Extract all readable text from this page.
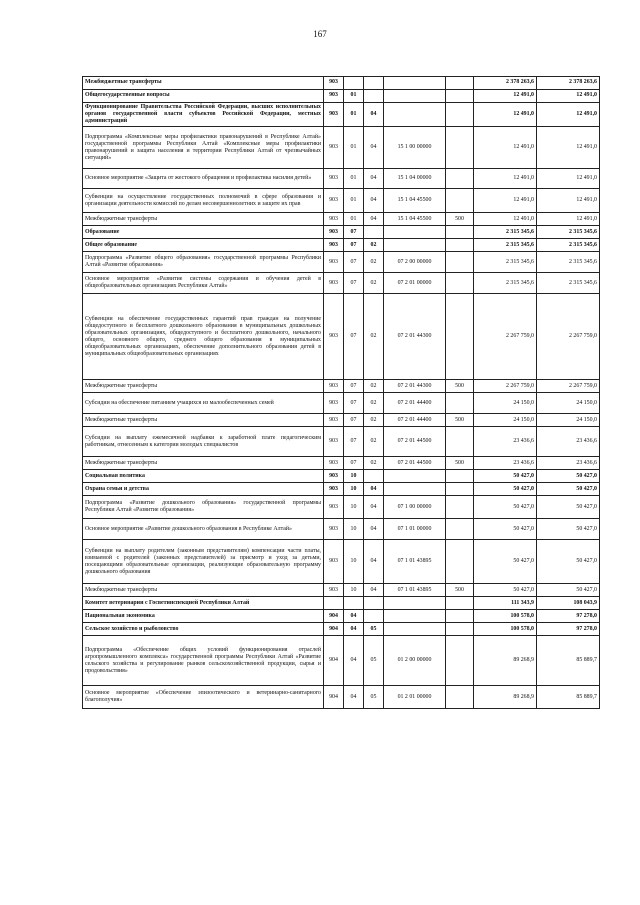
167
Межбюджетные трансферты	903					2 378 263,6	2 378 263,6
Общегосударственные вопросы	903	01				12 491,0	12 491,0
Функционирование Правительства Российской Федерации, высших исполнительных органов государственной власти субъектов Российской Федерации, местных администраций	903	01	04			12 491,0	12 491,0
Подпрограмма «Комплексные меры профилактики правонарушений в Республике Алтай» государственной программы Республики Алтай «Комплексные меры профилактики правонарушений и защита населения и территории Республики Алтай от чрезвычайных ситуаций»	903	01	04	15 1 00 00000		12 491,0	12 491,0
Основное мероприятие «Защита от жестокого обращения и профилактика насилия детей»	903	01	04	15 1 04 00000		12 491,0	12 491,0
Субвенции на осуществление государственных полномочий в сфере образования и организации деятельности комиссий по делам несовершеннолетних и защите их прав	903	01	04	15 1 04 45500		12 491,0	12 491,0
Межбюджетные трансферты	903	01	04	15 1 04 45500	500	12 491,0	12 491,0
Образование	903	07				2 315 345,6	2 315 345,6
Общее образование	903	07	02			2 315 345,6	2 315 345,6
Подпрограмма «Развитие общего образования» государственной программы Республики Алтай «Развитие образования»	903	07	02	07 2 00 00000		2 315 345,6	2 315 345,6
Основное мероприятие «Развитие системы содержания и обучения детей в общеобразовательных организациях Республики Алтай»	903	07	02	07 2 01 00000		2 315 345,6	2 315 345,6
Субвенции на обеспечение государственных гарантий прав граждан на получение общедоступного и бесплатного дошкольного образования в муниципальных дошкольных образовательных организациях, общедоступного и бесплатного дошкольного, начального общего, основного общего, среднего общего образования в муниципальных общеобразовательных организациях, обеспечение дополнительного образования детей в муниципальных общеобразовательных организациях	903	07	02	07 2 01 44300		2 267 759,0	2 267 759,0
Межбюджетные трансферты	903	07	02	07 2 01 44300	500	2 267 759,0	2 267 759,0
Субсидии на обеспечение питанием учащихся из малообеспеченных семей	903	07	02	07 2 01 44400		24 150,0	24 150,0
Межбюджетные трансферты	903	07	02	07 2 01 44400	500	24 150,0	24 150,0
Субсидии на выплату ежемесячной надбавки к заработной плате педагогическим работникам, отнесенным к категории молодых специалистов	903	07	02	07 2 01 44500		23 436,6	23 436,6
Межбюджетные трансферты	903	07	02	07 2 01 44500	500	23 436,6	23 436,6
Социальная политика	903	10				50 427,0	50 427,0
Охрана семьи и детства	903	10	04			50 427,0	50 427,0
Подпрограмма «Развитие дошкольного образования» государственной программы Республики Алтай «Развитие образования»	903	10	04	07 1 00 00000		50 427,0	50 427,0
Основное мероприятие «Развитие дошкольного образования в Республике Алтай»	903	10	04	07 1 01 00000		50 427,0	50 427,0
Субвенции на выплату родителям (законным представителям) компенсации части платы, взимаемой с родителей (законных представителей) за присмотр и уход за детьми, посещающими образовательные организации, реализующие образовательную программу дошкольного образования	903	10	04	07 1 01 43895		50 427,0	50 427,0
Межбюджетные трансферты	903	10	04	07 1 01 43895	500	50 427,0	50 427,0
Комитет ветеринарии с Госветинспекцией Республики Алтай						111 343,9	108 043,9
Национальная экономика	904	04				100 578,0	97 278,0
Сельское хозяйство и рыболовство	904	04	05			100 578,0	97 278,0
Подпрограмма «Обеспечение общих условий функционирования отраслей агропромышленного комплекса» государственной программы Республики Алтай «Развитие сельского хозяйства и регулирование рынков сельскохозяйственной продукции, сырья и продовольствия»	904	04	05	01 2 00 00000		89 268,9	85 889,7
Основное мероприятие «Обеспечение эпизоотического и ветеринарно-санитарного благополучия»	904	04	05	01 2 01 00000		89 268,9	85 889,7
